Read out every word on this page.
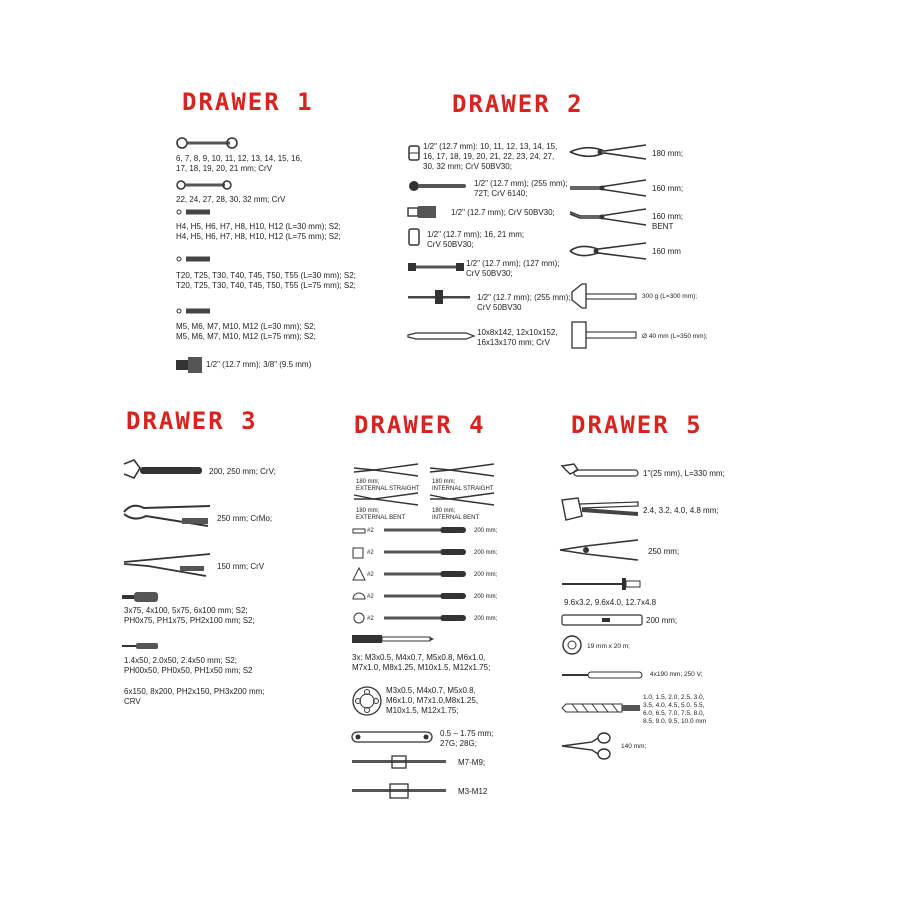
DRAWER 1
6, 7, 8, 9, 10, 11, 12, 13, 14, 15, 16,
17, 18, 19, 20, 21 mm; CrV
22, 24, 27, 28, 30, 32 mm; CrV
H4, H5, H6, H7, H8, H10, H12 (L=30 mm); S2;
H4, H5, H6, H7, H8, H10, H12 (L=75 mm); S2;
T20, T25, T30, T40, T45, T50, T55 (L=30 mm); S2;
T20, T25, T30, T40, T45, T50, T55 (L=75 mm); S2;
M5, M6, M7, M10, M12 (L=30 mm); S2;
M5, M6, M7, M10, M12 (L=75 mm); S2;
1/2" (12.7 mm); 3/8" (9.5 mm)
DRAWER 2
1/2" (12.7 mm): 10, 11, 12, 13, 14, 15,
16, 17, 18, 19, 20, 21, 22, 23, 24, 27,
30, 32 mm; CrV 50BV30;
1/2" (12.7 mm); (255 mm);
72T; CrV 6140;
1/2" (12.7 mm); CrV 50BV30;
1/2" (12.7 mm); 16, 21 mm;
CrV 50BV30;
1/2" (12.7 mm); (127 mm);
CrV 50BV30;
1/2" (12.7 mm); (255 mm);
CrV 50BV30
10x8x142, 12x10x152,
16x13x170 mm; CrV
180 mm;
160 mm;
160 mm;
BENT
160 mm
300 g (L=300 mm);
Ø 40 mm (L=350 mm);
DRAWER 3
200, 250 mm; CrV;
250 mm; CrMo;
150 mm; CrV
3x75, 4x100, 5x75, 6x100 mm; S2;
PH0x75, PH1x75, PH2x100 mm; S2;
1.4x50, 2.0x50, 2.4x50 mm; S2;
PH00x50, PH0x50, PH1x50 mm; S2
6x150, 8x200, PH2x150, PH3x200 mm;
CRV
DRAWER 4
180 mm;
EXTERNAL STRAIGHT
180 mm;
INTERNAL STRAIGHT
180 mm;
EXTERNAL BENT
180 mm;
INTERNAL BENT
#2	200 mm;
#2	200 mm;
#2	200 mm;
#2	200 mm;
#2	200 mm;
3x: M3x0.5, M4x0.7, M5x0.8, M6x1.0,
M7x1.0, M8x1.25, M10x1.5, M12x1.75;
M3x0.5, M4x0.7, M5x0.8,
M6x1.0, M7x1.0,M8x1.25,
M10x1.5, M12x1.75;
0.5 – 1.75 mm;
27G; 28G;
M7-M9;
M3-M12
DRAWER 5
1"(25 mm), L=330 mm;
2.4, 3.2, 4.0, 4.8 mm;
250 mm;
9.6x3.2, 9.6x4.0, 12.7x4.8
200 mm;
19 mm x 20 m;
4x190 mm; 250 V;
1.0, 1.5, 2.0, 2.5, 3.0,
3.5, 4.0, 4.5, 5.0, 5.5,
6.0, 6.5, 7.0, 7.5, 8.0,
8.5, 9.0, 9.5, 10.0 mm
140 mm;
